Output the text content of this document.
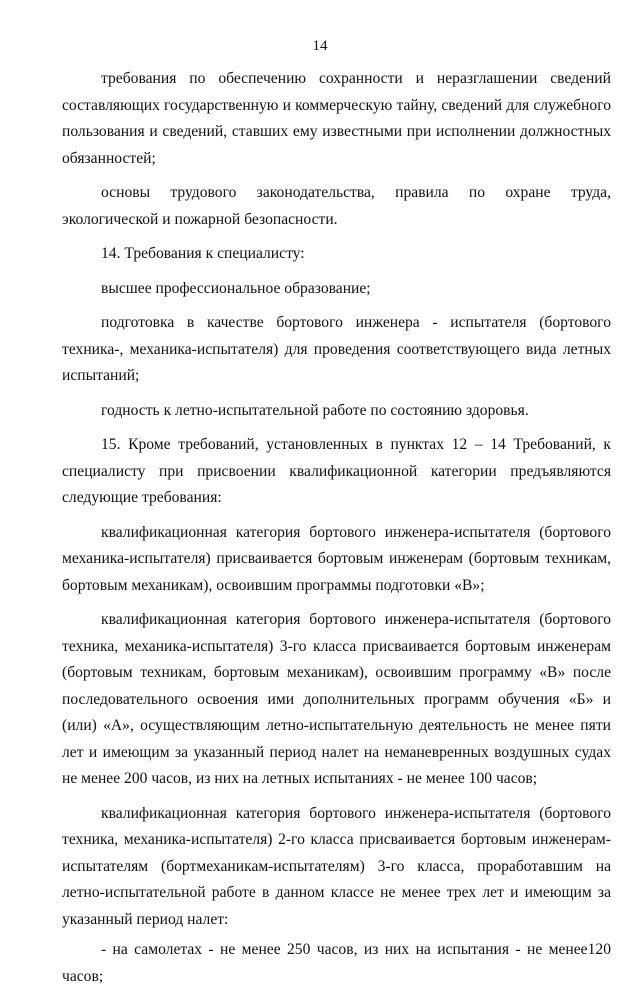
14

требования по обеспечению сохранности и неразглашении сведений составляющих государственную и коммерческую тайну, сведений для служебного пользования и сведений, ставших ему известными при исполнении должностных обязанностей;

основы трудового законодательства, правила по охране труда, экологической и пожарной безопасности.

14. Требования к специалисту:

высшее профессиональное образование;

подготовка в качестве бортового инженера - испытателя (бортового техника-, механика-испытателя) для проведения соответствующего вида летных испытаний;

годность к летно-испытательной работе по состоянию здоровья.

15. Кроме требований, установленных в пунктах 12 – 14 Требований, к специалисту при присвоении квалификационной категории предъявляются следующие требования:

квалификационная категория бортового инженера-испытателя (бортового механика-испытателя) присваивается бортовым инженерам (бортовым техникам, бортовым механикам), освоившим программы подготовки «В»;

квалификационная категория бортового инженера-испытателя (бортового техника, механика-испытателя) 3-го класса присваивается бортовым инженерам (бортовым техникам, бортовым механикам), освоившим программу «В» после последовательного освоения ими дополнительных программ обучения «Б» и (или) «А», осуществляющим летно-испытательную деятельность не менее пяти лет и имеющим за указанный период налет на неманевренных воздушных судах не менее 200 часов, из них на летных испытаниях - не менее 100 часов;

квалификационная категория бортового инженера-испытателя (бортового техника, механика-испытателя) 2-го класса присваивается бортовым инженерам-испытателям (бортмеханикам-испытателям) 3-го класса, проработавшим на летно-испытательной работе в данном классе не менее трех лет и имеющим за указанный период налет:

- на самолетах - не менее 250 часов, из них на испытания - не менее120 часов;
